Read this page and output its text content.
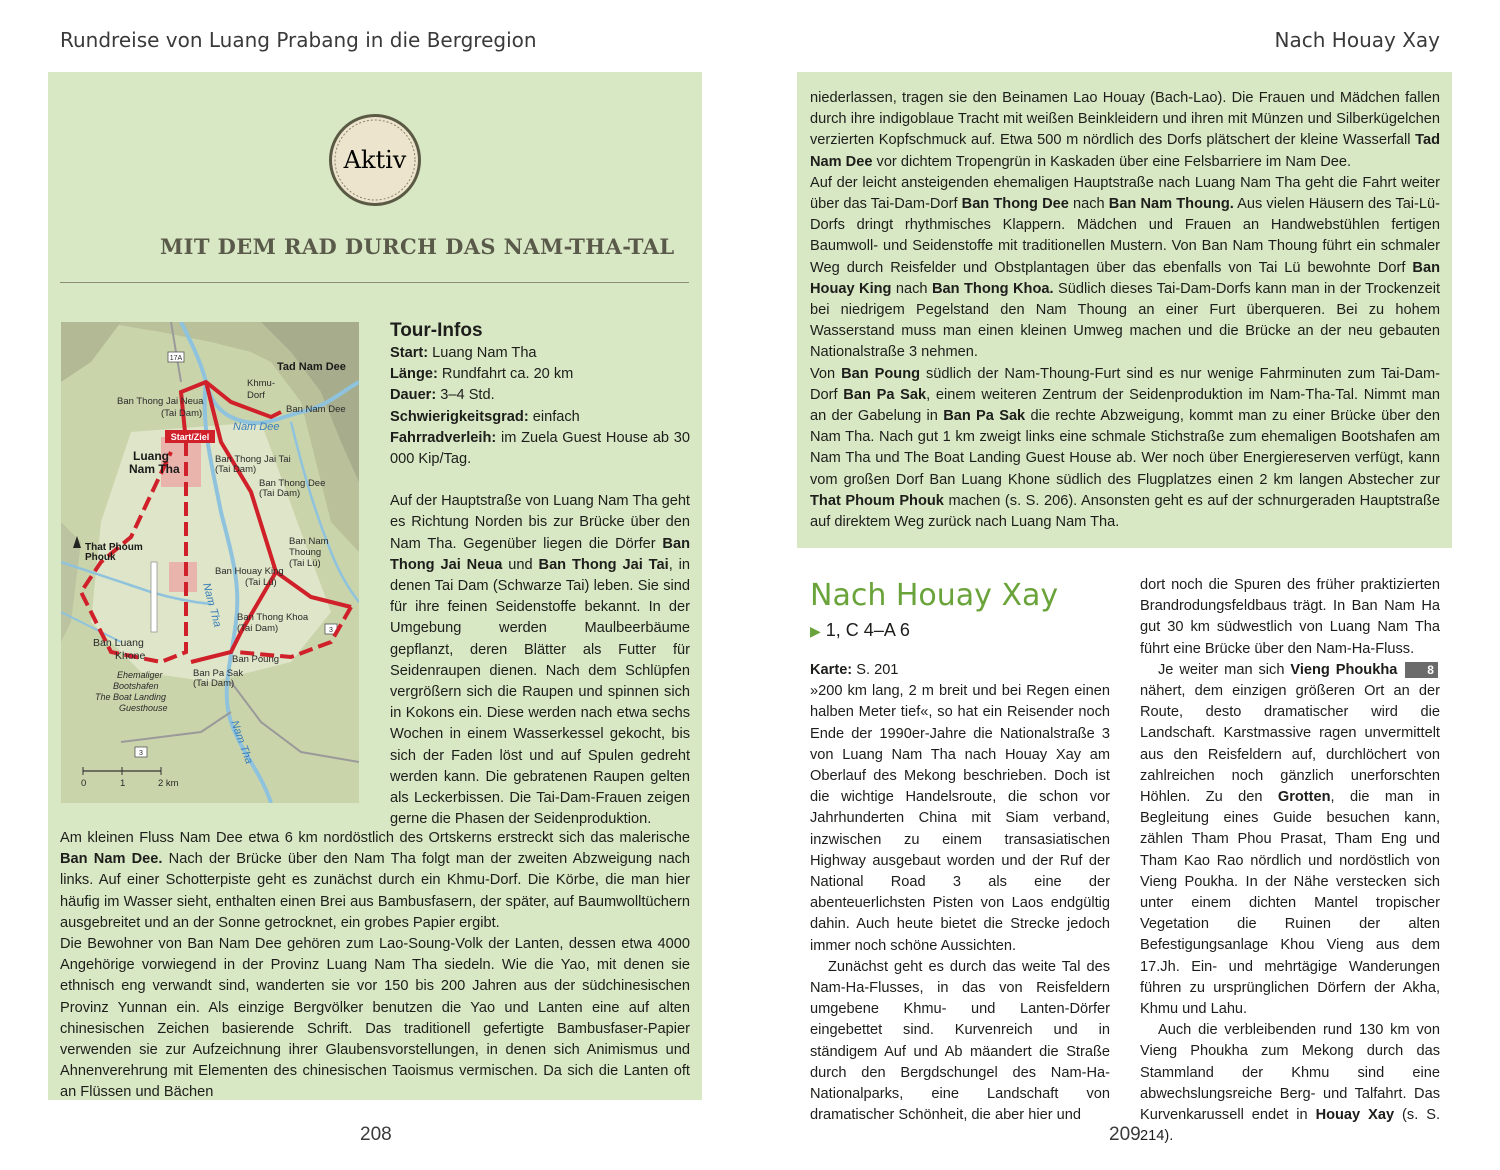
Rundreise von Luang Prabang in die Bergregion	Nach Houay Xay
Aktiv
MIT DEM RAD DURCH DAS NAM-THA-TAL
17A
3
3
Start/Ziel
Tad Nam Dee
Khmu-
Dorf
Ban Nam Dee
Ban Thong Jai Neua
(Tai Dam)
Nam Dee
Luang
Nam Tha
Ban Thong Jai Tai
(Tai Dam)
Ban Thong Dee
(Tai Dam)
That Phoum
Phouk
Ban Nam
Thoung
(Tai Lü)
Ban Houay King
(Tai Lü)
Nam Tha Ban Thong Khoa
(Tai Dam)
Ban Luang
Khone	Ban Poung
Ban Pa Sak
(Tai Dam)
Ehemaliger
Bootshafen
The Boat Landing
Guesthouse
Nam Tha
0	1	2 km
Tour-Infos

Start: Luang Nam Tha

Länge: Rundfahrt ca. 20 km

Dauer: 3–4 Std.

Schwierigkeitsgrad: einfach

Fahrradverleih: im Zuela Guest House ab 30 000 Kip/Tag.

Auf der Hauptstraße von Luang Nam Tha geht es Richtung Norden bis zur Brücke über den Nam Tha. Gegenüber liegen die Dörfer Ban Thong Jai Neua und Ban Thong Jai Tai, in denen Tai Dam (Schwarze Tai) leben. Sie sind für ihre feinen Seidenstoffe bekannt. In der Umgebung werden Maulbeerbäume gepflanzt, deren Blätter als Futter für Seidenraupen dienen. Nach dem Schlüpfen vergrößern sich die Raupen und spinnen sich in Kokons ein. Diese werden nach etwa sechs Wochen in einem Wasserkessel gekocht, bis sich der Faden löst und auf Spulen gedreht werden kann. Die gebratenen Raupen gelten als Leckerbissen. Die Tai-Dam-Frauen zeigen gerne die Phasen der Seidenproduktion.

Am kleinen Fluss Nam Dee etwa 6 km nordöstlich des Ortskerns erstreckt sich das malerische Ban Nam Dee. Nach der Brücke über den Nam Tha folgt man der zweiten Abzweigung nach links. Auf einer Schotterpiste geht es zunächst durch ein Khmu-Dorf. Die Körbe, die man hier häufig im Wasser sieht, enthalten einen Brei aus Bambusfasern, der später, auf Baumwolltüchern ausgebreitet und an der Sonne getrocknet, ein grobes Papier ergibt.

Die Bewohner von Ban Nam Dee gehören zum Lao-Soung-Volk der Lanten, dessen etwa 4000 Angehörige vorwiegend in der Provinz Luang Nam Tha siedeln. Wie die Yao, mit denen sie ethnisch eng verwandt sind, wanderten sie vor 150 bis 200 Jahren aus der südchinesischen Provinz Yunnan ein. Als einzige Bergvölker benutzen die Yao und Lanten eine auf alten chinesischen Zeichen basierende Schrift. Das traditionell gefertigte Bambusfaser-Papier verwenden sie zur Aufzeichnung ihrer Glaubensvorstellungen, in denen sich Animismus und Ahnenverehrung mit Elementen des chinesischen Taoismus vermischen. Da sich die Lanten oft an Flüssen und Bächen

niederlassen, tragen sie den Beinamen Lao Houay (Bach-Lao). Die Frauen und Mädchen fallen durch ihre indigoblaue Tracht mit weißen Beinkleidern und ihren mit Münzen und Silberkügelchen verzierten Kopfschmuck auf. Etwa 500 m nördlich des Dorfs plätschert der kleine Wasserfall Tad Nam Dee vor dichtem Tropengrün in Kaskaden über eine Felsbarriere im Nam Dee.

Auf der leicht ansteigenden ehemaligen Hauptstraße nach Luang Nam Tha geht die Fahrt weiter über das Tai-Dam-Dorf Ban Thong Dee nach Ban Nam Thoung. Aus vielen Häusern des Tai-Lü-Dorfs dringt rhythmisches Klappern. Mädchen und Frauen an Handwebstühlen fertigen Baumwoll- und Seidenstoffe mit traditionellen Mustern. Von Ban Nam Thoung führt ein schmaler Weg durch Reisfelder und Obstplantagen über das ebenfalls von Tai Lü bewohnte Dorf Ban Houay King nach Ban Thong Khoa. Südlich dieses Tai-Dam-Dorfs kann man in der Trockenzeit bei niedrigem Pegelstand den Nam Thoung an einer Furt überqueren. Bei zu hohem Wasserstand muss man einen kleinen Umweg machen und die Brücke an der neu gebauten Nationalstraße 3 nehmen.

Von Ban Poung südlich der Nam-Thoung-Furt sind es nur wenige Fahrminuten zum Tai-Dam-Dorf Ban Pa Sak, einem weiteren Zentrum der Seidenproduktion im Nam-Tha-Tal. Nimmt man an der Gabelung in Ban Pa Sak die rechte Abzweigung, kommt man zu einer Brücke über den Nam Tha. Nach gut 1 km zweigt links eine schmale Stichstraße zum ehemaligen Bootshafen am Nam Tha und The Boat Landing Guest House ab. Wer noch über Energiereserven verfügt, kann vom großen Dorf Ban Luang Khone südlich des Flugplatzes einen 2 km langen Abstecher zur That Phoum Phouk machen (s. S. 206). Ansonsten geht es auf der schnurgeraden Hauptstraße auf direktem Weg zurück nach Luang Nam Tha.

Nach Houay Xay
▶ 1, C 4–A 6

Karte: S. 201

»200 km lang, 2 m breit und bei Regen einen halben Meter tief«, so hat ein Reisender noch Ende der 1990er-Jahre die Nationalstraße 3 von Luang Nam Tha nach Houay Xay am Oberlauf des Mekong beschrieben. Doch ist die wichtige Handelsroute, die schon vor Jahrhunderten China mit Siam verband, inzwischen zu einem transasiatischen Highway ausgebaut worden und der Ruf der National Road 3 als eine der abenteuerlichsten Pisten von Laos endgültig dahin. Auch heute bietet die Strecke jedoch immer noch schöne Aussichten.

Zunächst geht es durch das weite Tal des Nam-Ha-Flusses, in das von Reisfeldern umgebene Khmu- und Lanten-Dörfer eingebettet sind. Kurvenreich und in ständigem Auf und Ab mäandert die Straße durch den Bergdschungel des Nam-Ha-Nationalparks, eine Landschaft von dramatischer Schönheit, die aber hier und

dort noch die Spuren des früher praktizierten Brandrodungsfeldbaus trägt. In Ban Nam Ha gut 30 km südwestlich von Luang Nam Tha führt eine Brücke über den Nam-Ha-Fluss.

Je weiter man sich Vieng Phoukha 8 nähert, dem einzigen größeren Ort an der Route, desto dramatischer wird die Landschaft. Karstmassive ragen unvermittelt aus den Reisfeldern auf, durchlöchert von zahlreichen noch gänzlich unerforschten Höhlen. Zu den Grotten, die man in Begleitung eines Guide besuchen kann, zählen Tham Phou Prasat, Tham Eng und Tham Kao Rao nördlich und nordöstlich von Vieng Poukha. In der Nähe verstecken sich unter einem dichten Mantel tropischer Vegetation die Ruinen der alten Befestigungsanlage Khou Vieng aus dem 17.Jh. Ein- und mehrtägige Wanderungen führen zu ursprünglichen Dörfern der Akha, Khmu und Lahu.

Auch die verbleibenden rund 130 km von Vieng Phoukha zum Mekong durch das Stammland der Khmu sind eine abwechslungsreiche Berg- und Talfahrt. Das Kurvenkarussell endet in Houay Xay (s. S. 214).

208	209
